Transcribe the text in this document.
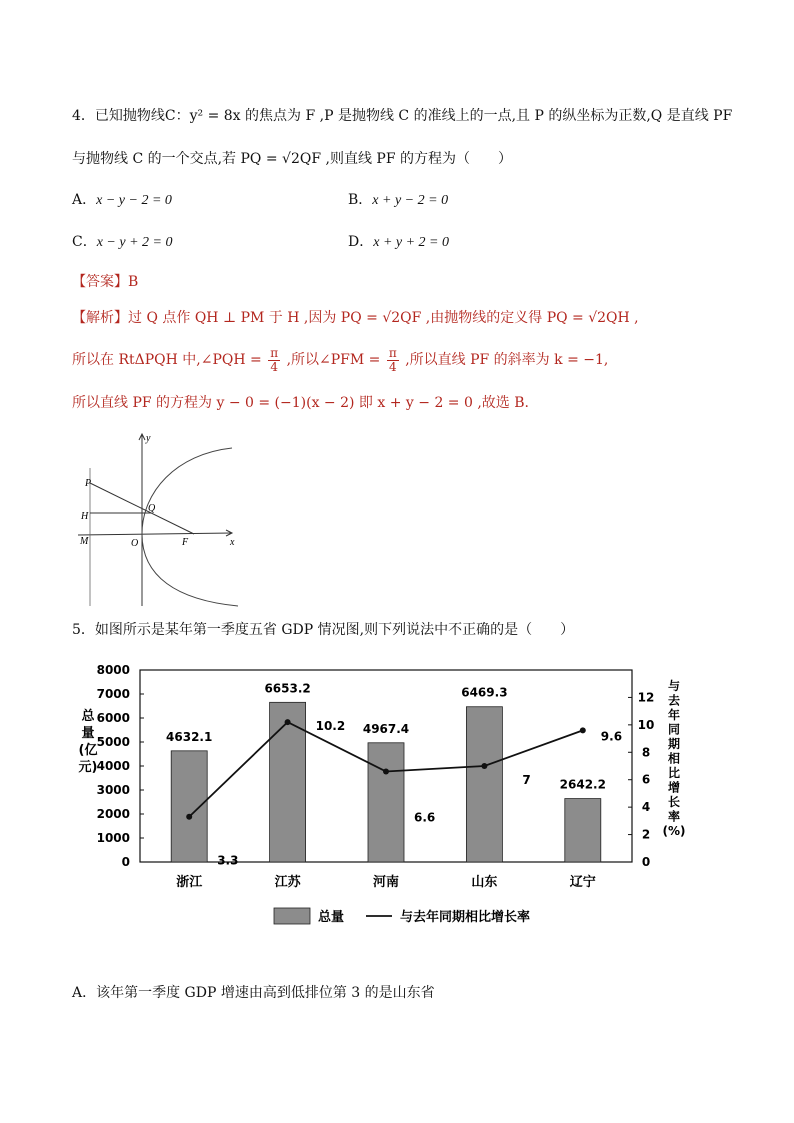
4．已知抛物线C：y² = 8x 的焦点为 F ,P 是抛物线 C 的准线上的一点,且 P 的纵坐标为正数,Q 是直线 PF
与抛物线 C 的一个交点,若 PQ = √2QF ,则直线 PF 的方程为（　　）
A．x − y − 2 = 0	B．x + y − 2 = 0
C．x − y + 2 = 0	D．x + y + 2 = 0
【答案】B
【解析】过 Q 点作 QH ⊥ PM 于 H ,因为 PQ = √2QF ,由抛物线的定义得 PQ = √2QH ,
所以在 RtΔPQH 中,∠PQH = $\frac{\pi}{4}$ ,所以∠PFM = $\frac{\pi}{4}$ ,所以直线 PF 的斜率为 k = −1,
所以直线 PF 的方程为 y − 0 = (−1)(x − 2) 即 x + y − 2 = 0 ,故选 B.
P
H
M
Q
O	F	x
y
5．如图所示是某年第一季度五省 GDP 情况图,则下列说法中不正确的是（　　）
0
1000
2000
3000
4000
5000
6000
7000
8000
0
2
4
6
8
10
12
4632.1
6653.2
4967.4
6469.3
2642.2
3.3
10.2
6.6
7
9.6
浙江	江苏	河南	山东	辽宁
总
量
(亿
元)
与
去
年
同
期
相
比
增
长
率
(%)
总量	与去年同期相比增长率
A．该年第一季度 GDP 增速由高到低排位第 3 的是山东省
